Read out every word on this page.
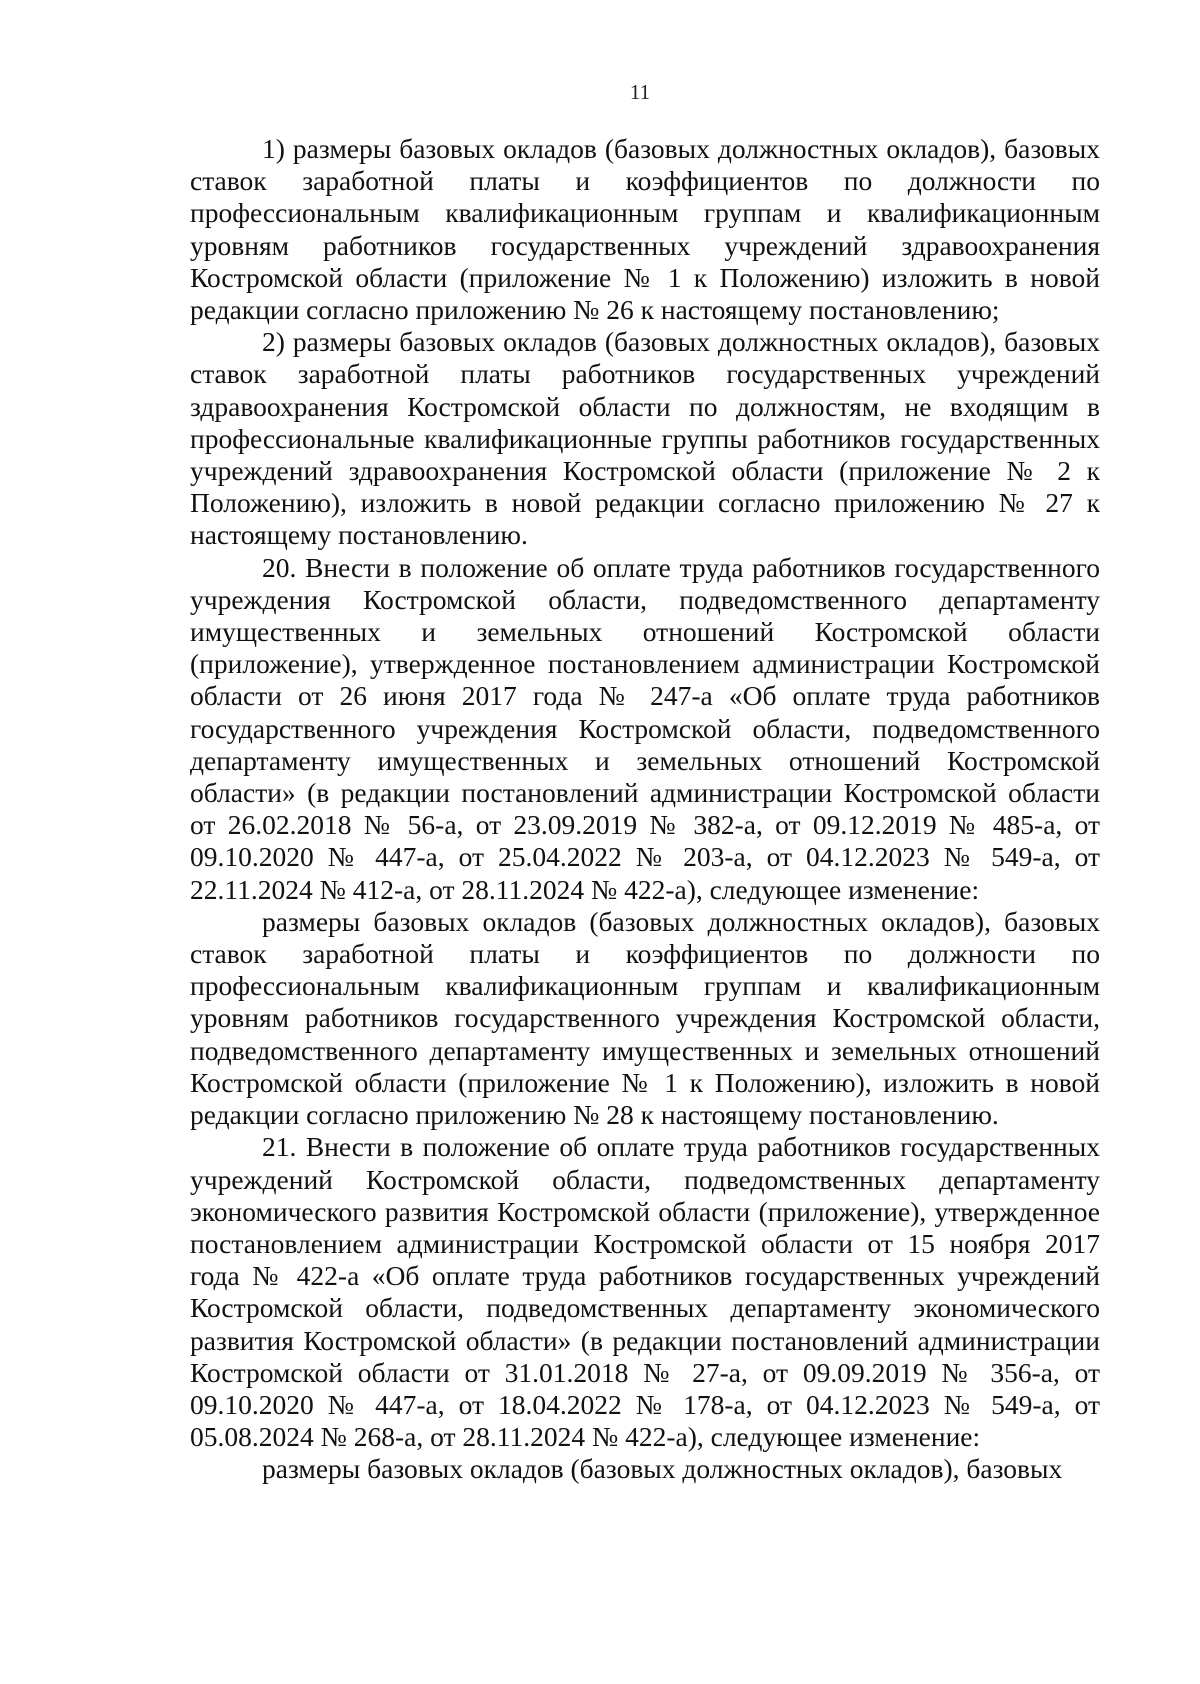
11

1) размеры базовых окладов (базовых должностных окладов), базовых ставок заработной платы и коэффициентов по должности по профессиональным квалификационным группам и квалификационным уровням работников государственных учреждений здравоохранения Костромской области (приложение № 1 к Положению) изложить в новой редакции согласно приложению № 26 к настоящему постановлению;

2) размеры базовых окладов (базовых должностных окладов), базовых ставок заработной платы работников государственных учреждений здравоохранения Костромской области по должностям, не входящим в профессиональные квалификационные группы работников государственных учреждений здравоохранения Костромской области (приложение № 2 к Положению), изложить в новой редакции согласно приложению № 27 к настоящему постановлению.

20. Внести в положение об оплате труда работников государственного учреждения Костромской области, подведомственного департаменту имущественных и земельных отношений Костромской области (приложение), утвержденное постановлением администрации Костромской области от 26 июня 2017 года № 247-а «Об оплате труда работников государственного учреждения Костромской области, подведомственного департаменту имущественных и земельных отношений Костромской области» (в редакции постановлений администрации Костромской области от 26.02.2018 № 56-а, от 23.09.2019 № 382-а, от 09.12.2019 № 485-а, от 09.10.2020 № 447-а, от 25.04.2022 № 203-а, от 04.12.2023 № 549-а, от 22.11.2024 № 412-а, от 28.11.2024 № 422-а), следующее изменение:

размеры базовых окладов (базовых должностных окладов), базовых ставок заработной платы и коэффициентов по должности по профессиональным квалификационным группам и квалификационным уровням работников государственного учреждения Костромской области, подведомственного департаменту имущественных и земельных отношений Костромской области (приложение № 1 к Положению), изложить в новой редакции согласно приложению № 28 к настоящему постановлению.

21. Внести в положение об оплате труда работников государственных учреждений Костромской области, подведомственных департаменту экономического развития Костромской области (приложение), утвержденное постановлением администрации Костромской области от 15 ноября 2017 года № 422-а «Об оплате труда работников государственных учреждений Костромской области, подведомственных департаменту экономического развития Костромской области» (в редакции постановлений администрации Костромской области от 31.01.2018 № 27-а, от 09.09.2019 № 356-а, от 09.10.2020 № 447-а, от 18.04.2022 № 178-а, от 04.12.2023 № 549-а, от 05.08.2024 № 268-а, от 28.11.2024 № 422-а), следующее изменение:

размеры базовых окладов (базовых должностных окладов), базовых
